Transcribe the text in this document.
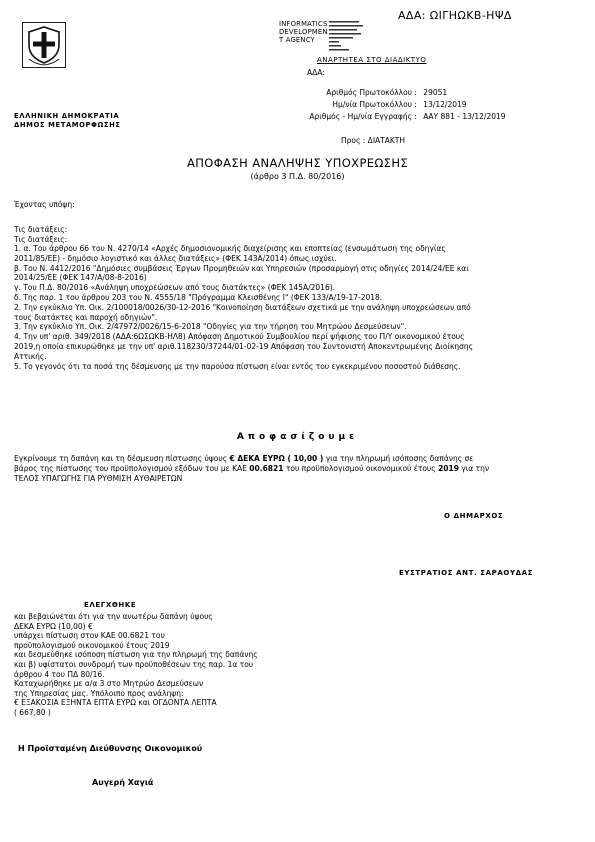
ΑΔΑ: ΩΙΓΗΩΚΒ-ΗΨΔ
INFORMATICS
DEVELOPMEN
T AGENCY
ΑΝΑΡΤΗΤΕΑ ΣΤΟ ΔΙΑΔΙΚΤΥΟ
ΑΔΑ:
Αριθμός Πρωτοκόλλου : 29051
Ημ/νία Πρωτοκόλλου : 13/12/2019
Αριθμός - Ημ/νία Εγγραφής : ΑΑΥ 881 - 13/12/2019
ΕΛΛΗΝΙΚΗ ΔΗΜΟΚΡΑΤΙΑ
ΔΗΜΟΣ ΜΕΤΑΜΟΡΦΩΣΗΣ
Προς : ΔΙΑΤΑΚΤΗ
ΑΠΟΦΑΣΗ ΑΝΑΛΗΨΗΣ ΥΠΟΧΡΕΩΣΗΣ
(άρθρο 3 Π.Δ. 80/2016)
Έχοντας υπόψη:
Τις διατάξεις:
Τις διατάξεις:
1. α. Του άρθρου 66 του Ν. 4270/14 «Αρχές δημοσιονομικής διαχείρισης και εποπτείας (ενσωμάτωση της οδηγίας
2011/85/ΕΕ) - δημόσιο λογιστικό και άλλες διατάξεις» (ΦΕΚ 143Α/2014) όπως ισχύει.
β. Του Ν. 4412/2016 "Δημόσιες συμβάσεις Έργων Προμηθειών και Υπηρεσιών (προσαρμογή στις οδηγίες 2014/24/ΕΕ και
2014/25/ΕΕ (ΦΕΚ 147/Α/08-8-2016)
γ. Του Π.Δ. 80/2016 «Ανάληψη υποχρεώσεων από τους διατάκτες» (ΦΕΚ 145Α/2016).
δ. Της παρ. 1 του άρθρου 203 του Ν. 4555/18 "Πρόγραμμα Κλεισθένης Ι" (ΦΕΚ 133/Α/19-17-2018.
2. Την εγκύκλιο Υπ. Οικ. 2/100018/0026/30-12-2016 "Κοινοποίηση διατάξεων σχετικά με την ανάληψη υποχρεώσεων από
τους διατάκτες και παροχή οδηγιών".
3. Την εγκύκλιο Υπ. Οικ. 2/47972/0026/15-6-2018 "Οδηγίες για την τήρηση του Μητρώου Δεσμεύσεων".
4. Την υπ' αριθ. 349/2018 (ΑΔΑ:6ΩΣΩΚΒ-ΗΛ8) Απόφαση Δημοτικού Συμβουλίου περί ψήφισης του Π/Υ οικονομικού έτους
2019,η οποία επικυρώθηκε με την υπ' αριθ.118230/37244/01-02-19 Απόφαση του Συντονιστή Αποκεντρωμένης Διοίκησης
Αττικής.
5. Το γεγονός ότι τα ποσά της δέσμευσης με την παρούσα πίστωση είναι εντός του εγκεκριμένου ποσοστού διάθεσης.
Αποφασίζουμε
Εγκρίνουμε τη δαπάνη και τη δέσμευση πίστωσης ύψους € ΔΕΚΑ ΕΥΡΩ ( 10,00 ) για την πληρωμή ισόποσης δαπάνης σε
βάρος της πίστωσης του προϋπολογισμού εξόδων του με ΚΑΕ 00.6821 του προϋπολογισμού οικονομικού έτους 2019 για την
ΤΕΛΟΣ ΥΠΑΓΩΓΗΣ ΓΙΑ ΡΥΘΜΙΣΗ ΑΥΘΑΙΡΕΤΩΝ
Ο ΔΗΜΑΡΧΟΣ
ΕΥΣΤΡΑΤΙΟΣ ΑΝΤ. ΣΑΡΑΟΥΔΑΣ
ΕΛΕΓΧΘΗΚΕ
και βεβαιώνεται ότι για την ανωτέρω δαπάνη ύψους
ΔΕΚΑ ΕΥΡΩ (10,00) €
υπάρχει πίστωση στον ΚΑΕ 00.6821 του
προϋπολογισμού οικονομικού έτους 2019
και δεσμεύθηκε ισόποση πίστωση για την πληρωμή της δαπάνης
και β) υφίστατοι συνδρομή των προϋποθέσεων της παρ. 1α του
άρθρου 4 του ΠΔ 80/16.
Καταχωρήθηκε με α/α 3 στο Μητρώο Δεσμεύσεων
της Υπηρεσίας μας. Υπόλοιπο προς ανάληψη:
€ ΕΞΑΚΟΣΙΑ ΕΞΗΝΤΑ ΕΠΤΑ ΕΥΡΩ και ΟΓΔΟΝΤΑ ΛΕΠΤΑ
( 667,80 )
Η Προϊσταμένη Διεύθυνσης Οικονομικού
Αυγερή Χαγιά
